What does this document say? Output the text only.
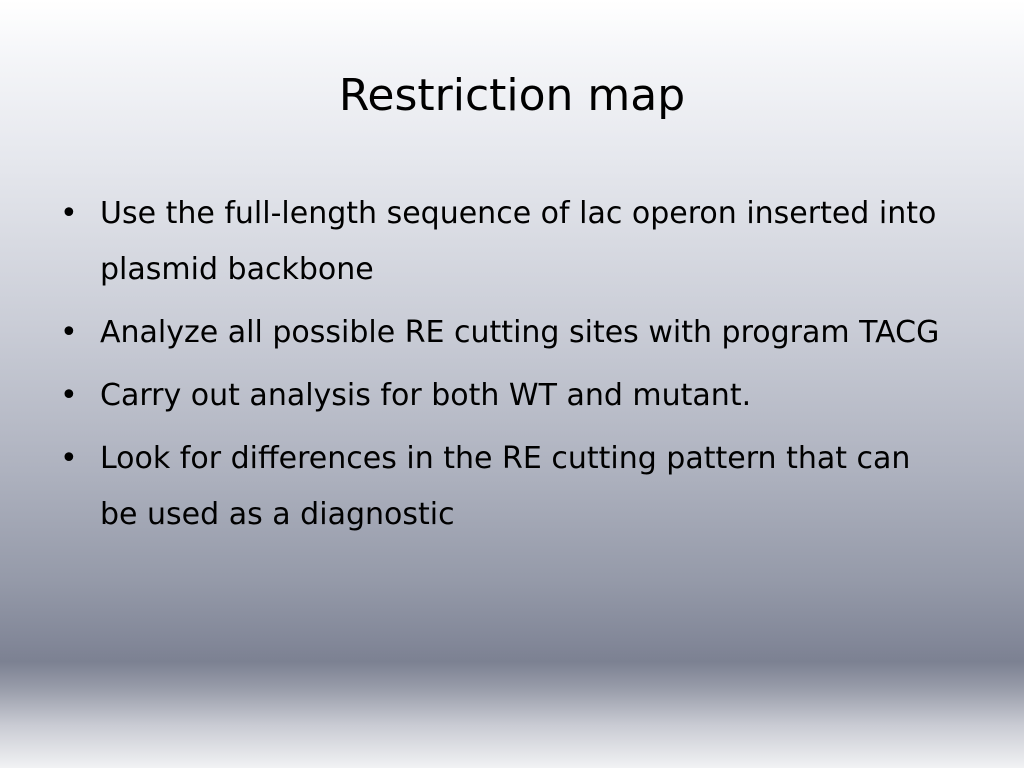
Restriction map
• Use the full-length sequence of lac operon inserted into plasmid backbone
• Analyze all possible RE cutting sites with program TACG
• Carry out analysis for both WT and mutant.
• Look for differences in the RE cutting pattern that can be used as a diagnostic
